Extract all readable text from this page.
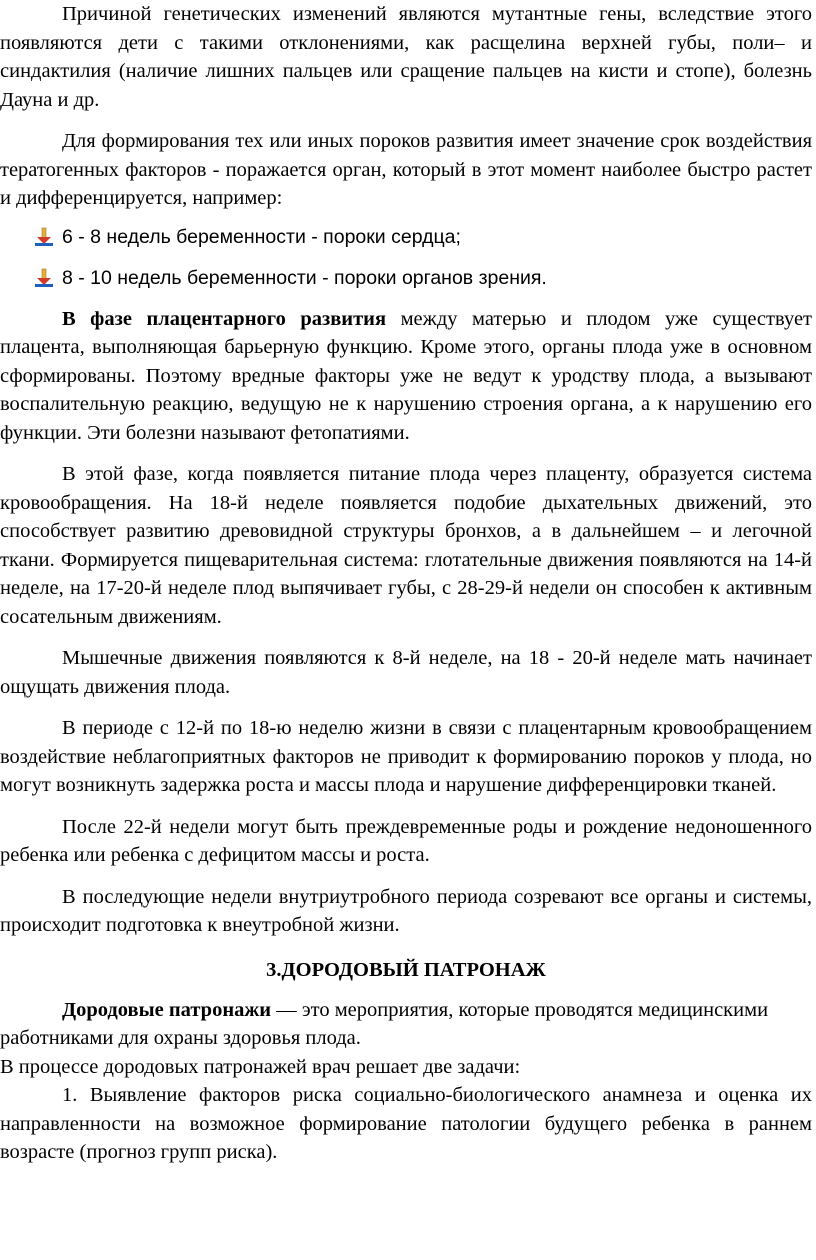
Причиной генетических изменений являются мутантные гены, вследствие этого появляются дети с такими отклонениями, как расщелина верхней губы, поли– и синдактилия (наличие лишних пальцев или сращение пальцев на кисти и стопе), болезнь Дауна и др.

Для формирования тех или иных пороков развития имеет значение срок воздействия тератогенных факторов - поражается орган, который в этот момент наиболее быстро растет и дифференцируется, например:

6 - 8 недель беременности - пороки сердца;
8 - 10 недель беременности - пороки органов зрения.

В фазе плацентарного развития между матерью и плодом уже существует плацента, выполняющая барьерную функцию. Кроме этого, органы плода уже в основном сформированы. Поэтому вредные факторы уже не ведут к уродству плода, а вызывают воспалительную реакцию, ведущую не к нарушению строения органа, а к нарушению его функции. Эти болезни называют фетопатиями.

В этой фазе, когда появляется питание плода через плаценту, образуется система кровообращения. На 18-й неделе появляется подобие дыхательных движений, это способствует развитию древовидной структуры бронхов, а в дальнейшем – и легочной ткани. Формируется пищеварительная система: глотательные движения появляются на 14-й неделе, на 17-20-й неделе плод выпячивает губы, с 28-29-й недели он способен к активным сосательным движениям.

Мышечные движения появляются к 8-й неделе, на 18 - 20-й неделе мать начинает ощущать движения плода.

В периоде с 12-й по 18-ю неделю жизни в связи с плацентарным кровообращением воздействие неблагоприятных факторов не приводит к формированию пороков у плода, но могут возникнуть задержка роста и массы плода и нарушение дифференцировки тканей.

После 22-й недели могут быть преждевременные роды и рождение недоношенного ребенка или ребенка с дефицитом массы и роста.

В последующие недели внутриутробного периода созревают все органы и системы, происходит подготовка к внеутробной жизни.

3.ДОРОДОВЫЙ ПАТРОНАЖ

Дородовые патронажи — это мероприятия, которые проводятся медицинскими работниками для охраны здоровья плода.

В процессе дородовых патронажей врач решает две задачи:

1. Выявление факторов риска социально-биологического анамнеза и оценка их направленности на возможное формирование патологии будущего ребенка в раннем возрасте (прогноз групп риска).
